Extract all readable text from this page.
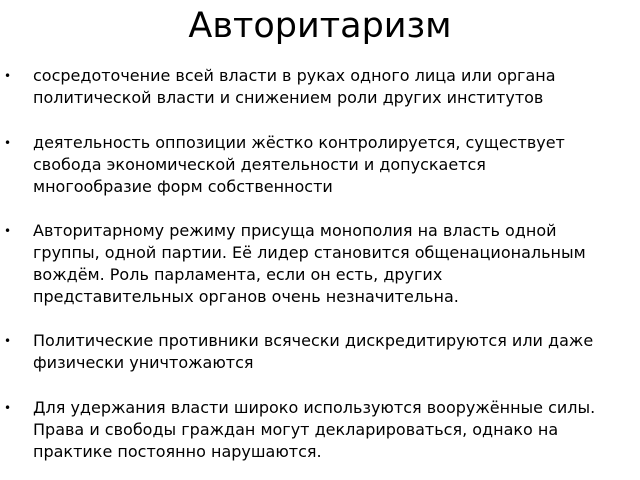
Авторитаризм
• сосредоточение всей власти в руках одного лица или органа политической власти и снижением роли других институтов
• деятельность оппозиции жёстко контролируется, существует свобода экономической деятельности и допускается многообразие форм собственности
• Авторитарному режиму присуща монополия на власть одной группы, одной партии. Её лидер становится общенациональным вождём. Роль парламента, если он есть, других представительных органов очень незначительна.
• Политические противники всячески дискредитируются или даже физически уничтожаются
• Для удержания власти широко используются вооружённые силы. Права и свободы граждан могут декларироваться, однако на практике постоянно нарушаются.
